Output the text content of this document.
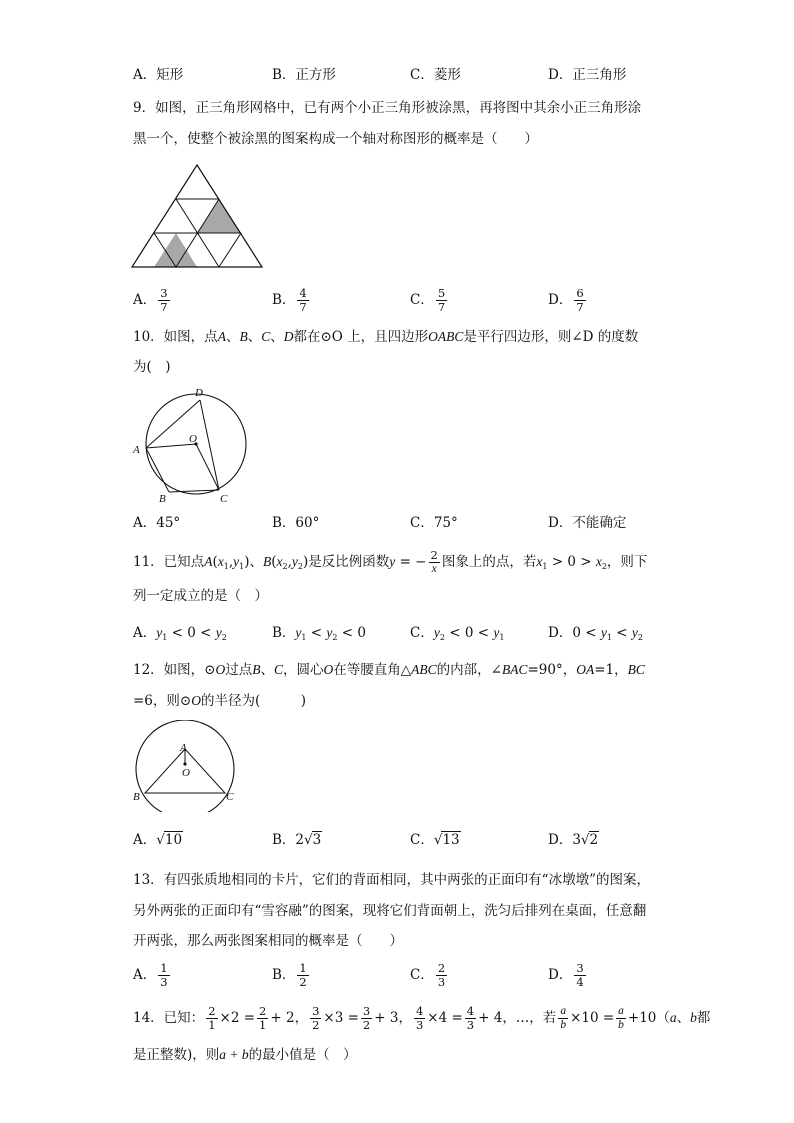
A．矩形	B．正方形	C．菱形	D．正三角形
9．如图，正三角形网格中，已有两个小正三角形被涂黑，再将图中其余小正三角形涂
黑一个，使整个被涂黑的图案构成一个轴对称图形的概率是（　　）
A． $\frac{3}{7}$	B． $\frac{4}{7}$	C． $\frac{5}{7}$	D． $\frac{6}{7}$
10．如图，点A、B、C、D都在⊙O 上，且四边形OABC是平行四边形，则∠D 的度数
为(　)
D
O
A
B	C
A．45°	B．60°	C．75°	D．不能确定
11．已知点$A(x_1,y_1)$、$B(x_2,y_2)$是反比例函数y = − $\frac{2}{x}$ 图象上的点，若$x_1 > 0 > x_2$，则下
列一定成立的是（　）
A．$y_1 < 0 < y_2$	B．$y_1 < y_2 < 0$	C．$y_2 < 0 < y_1$	D．$0 < y_1 < y_2$
12．如图，⊙O过点B、C，圆心O在等腰直角△ABC的内部，∠BAC=90°，OA=1，BC
=6，则⊙O的半径为(　　　)
A
O
B	C
A．√10	B．2√3	C．√13	D．3√2
13．有四张质地相同的卡片，它们的背面相同，其中两张的正面印有“冰墩墩”的图案，
另外两张的正面印有“雪容融”的图案，现将它们背面朝上，洗匀后排列在桌面，任意翻
开两张，那么两张图案相同的概率是（　　）
A． $\frac{1}{3}$	B． $\frac{1}{2}$	C． $\frac{2}{3}$	D． $\frac{3}{4}$
14．已知： $\frac{2}{1} \times 2 = \frac{2}{1} + 2$， $\frac{3}{2} \times 3 = \frac{3}{2} + 3$， $\frac{4}{3} \times 4 = \frac{4}{3} + 4$，…，若 $\frac{a}{b} \times 10 = \frac{a}{b} +10(a$、b都
是正整数)，则a + b的最小值是（　）
